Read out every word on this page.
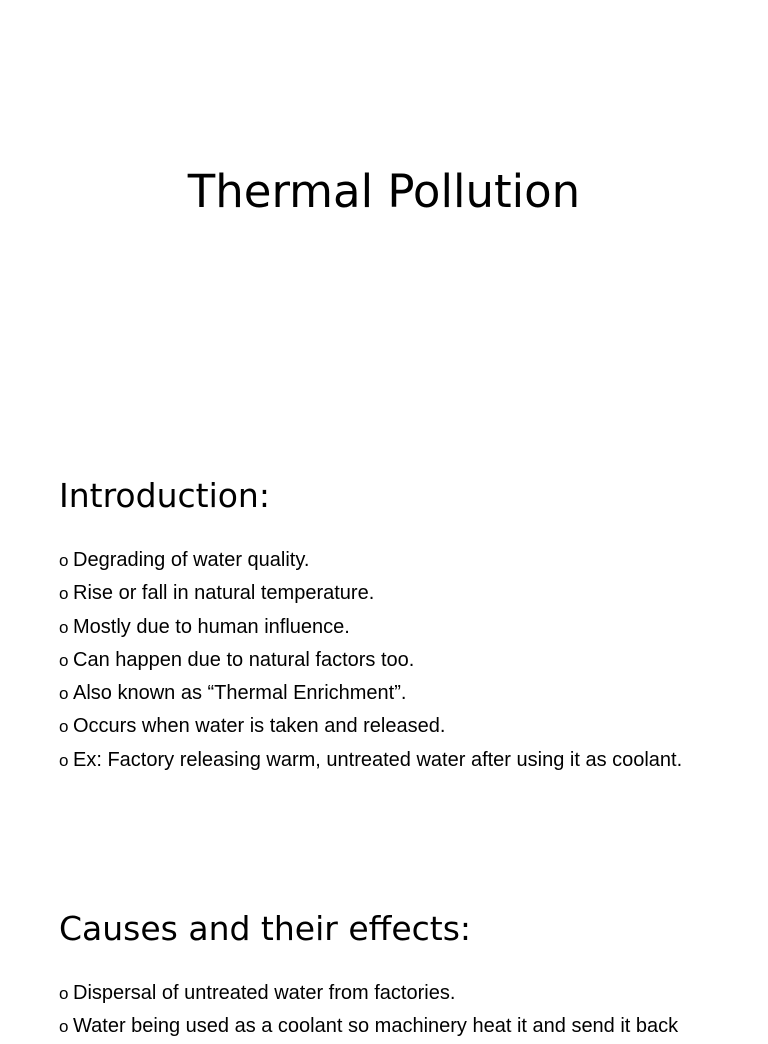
Thermal Pollution
Introduction:
o Degrading of water quality.
o Rise or fall in natural temperature.
o Mostly due to human influence.
o Can happen due to natural factors too.
o Also known as “Thermal Enrichment”.
o Occurs when water is taken and released.
o Ex: Factory releasing warm, untreated water after using it as coolant.
Causes and their effects:
o Dispersal of untreated water from factories.
o Water being used as a coolant so machinery heat it and send it back
